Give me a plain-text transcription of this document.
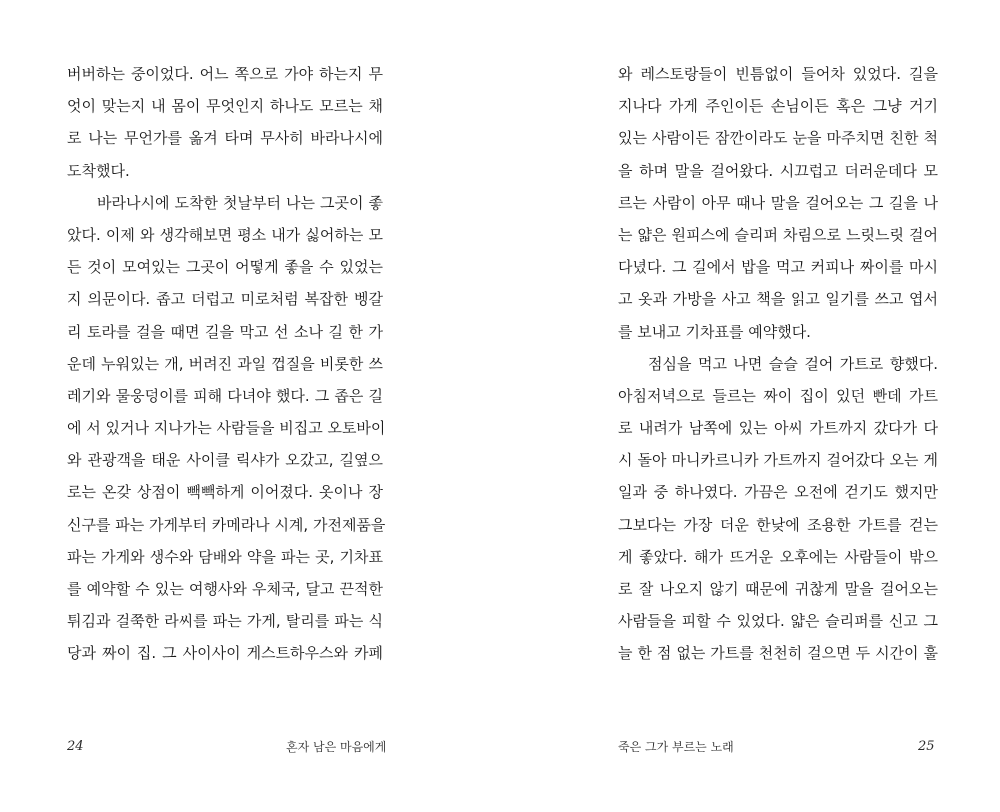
버버하는 중이었다. 어느 쪽으로 가야 하는지 무
엇이 맞는지 내 몸이 무엇인지 하나도 모르는 채
로 나는 무언가를 옮겨 타며 무사히 바라나시에
도착했다.
바라나시에 도착한 첫날부터 나는 그곳이 좋
았다. 이제 와 생각해보면 평소 내가 싫어하는 모
든 것이 모여있는 그곳이 어떻게 좋을 수 있었는
지 의문이다. 좁고 더럽고 미로처럼 복잡한 벵갈
리 토라를 걸을 때면 길을 막고 선 소나 길 한 가
운데 누워있는 개, 버려진 과일 껍질을 비롯한 쓰
레기와 물웅덩이를 피해 다녀야 했다. 그 좁은 길
에 서 있거나 지나가는 사람들을 비집고 오토바이
와 관광객을 태운 사이클 릭샤가 오갔고, 길옆으
로는 온갖 상점이 빽빽하게 이어졌다. 옷이나 장
신구를 파는 가게부터 카메라나 시계, 가전제품을
파는 가게와 생수와 담배와 약을 파는 곳, 기차표
를 예약할 수 있는 여행사와 우체국, 달고 끈적한
튀김과 걸쭉한 라씨를 파는 가게, 탈리를 파는 식
당과 짜이 집. 그 사이사이 게스트하우스와 카페
24	혼자 남은 마음에게
와 레스토랑들이 빈틈없이 들어차 있었다. 길을
지나다 가게 주인이든 손님이든 혹은 그냥 거기
있는 사람이든 잠깐이라도 눈을 마주치면 친한 척
을 하며 말을 걸어왔다. 시끄럽고 더러운데다 모
르는 사람이 아무 때나 말을 걸어오는 그 길을 나
는 얇은 원피스에 슬리퍼 차림으로 느릿느릿 걸어
다녔다. 그 길에서 밥을 먹고 커피나 짜이를 마시
고 옷과 가방을 사고 책을 읽고 일기를 쓰고 엽서
를 보내고 기차표를 예약했다.
점심을 먹고 나면 슬슬 걸어 가트로 향했다.
아침저녁으로 들르는 짜이 집이 있던 빤데 가트
로 내려가 남쪽에 있는 아씨 가트까지 갔다가 다
시 돌아 마니카르니카 가트까지 걸어갔다 오는 게
일과 중 하나였다. 가끔은 오전에 걷기도 했지만
그보다는 가장 더운 한낮에 조용한 가트를 걷는
게 좋았다. 해가 뜨거운 오후에는 사람들이 밖으
로 잘 나오지 않기 때문에 귀찮게 말을 걸어오는
사람들을 피할 수 있었다. 얇은 슬리퍼를 신고 그
늘 한 점 없는 가트를 천천히 걸으면 두 시간이 훌
죽은 그가 부르는 노래	25
